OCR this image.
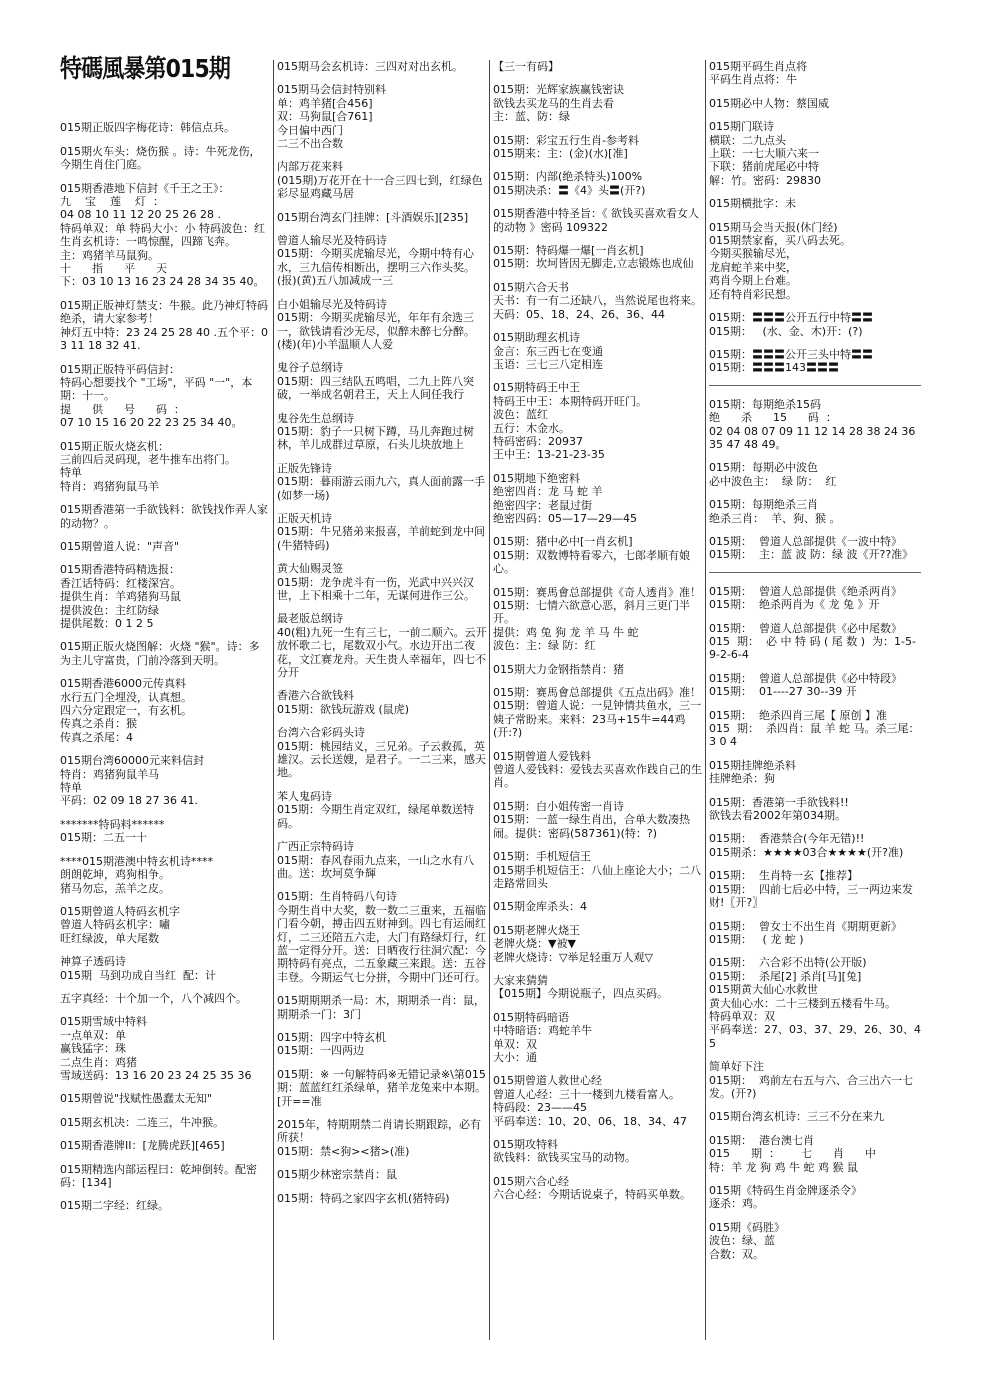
特碼風暴第015期
015期正版四字梅花诗：韩信点兵。
015期火车头：烧伤猴 。诗：牛死龙伤，
今期生肖住门庭。
015期香港地下信封《千王之王》：
九    宝    莲    灯  ：
04 08 10 11 12 20 25 26 28 .
特码单双：单 特码大小：小 特码波色：红
生肖玄机诗：一鸣惊醒，四蹄飞奔。
主：鸡猪羊马鼠狗。
十      指      平      天
下：03 10 13 16 23 24 28 34 35 40。
015期正版神灯禁支：牛猴。此乃神灯特码绝杀，请大家参考！
神灯五中特：23 24 25 28 40 .五个平：03 11 18 32 41.
015期正版特平码信封：
特码心想要找个 "工场"，平码 "一"，本期：十一。
提      供      号      码  ：
07 10 15 16 20 22 23 25 34 40。
015期正版火烧玄机：
三前四后灵码现，老牛推车出将门。
特单
特肖：鸡猪狗鼠马羊
015期香港第一手欲钱料：欲钱找作弄人家的动物？。
015期曾道人说："声音"
015期香港特码精选报：
香江话特码：红楼深宫。
提供生肖：羊鸡猪狗马鼠
提供波色：主红防绿
提供尾数：0 1 2 5
015期正版火烧图解：火烧 "猴"。诗：多为主儿守富贵，门前冷落到天明。
015期香港6000元传真料
水行五门全埋没，认真想。
四六分定跟定一，有玄机。
传真之杀肖：猴
传真之杀尾：4
015期台湾60000元来料信封
特肖：鸡猪狗鼠羊马
特单
平码：02 09 18 27 36 41.
*******特码料******
015期：二五一十
****015期港澳中特玄机诗****
朗朗乾坤，鸡狗相争。
猪马勿忘，羔羊之皮。
015期曾道人特码玄机字
曾道人特码玄机字：嘯
旺红绿波，单大尾数
神算子透码诗
015期  马到功成自当红  配：计
五字真经：十个加一个，八个减四个。
015期雪域中特料
一点单双：单
赢钱猛字：珠
二点生肖：鸡猪
雪域送码：13 16 20 23 24 25 35 36
015期曾说"找赋性愚蠢太无知"
015期玄机决：二连三，牛冲猴。
015期香港牌II：[龙腾虎跃][465]
015期精选内部运程曰：乾坤倒转。配密码：[134]
015期二字经：红绿。
015期马会玄机诗：三四对对出玄机。
015期马会信封特别料
单：鸡羊猪[合456]
双：马狗鼠[合761]
今日偏中西门
二三不出合数
内部万花来料
(015期)万花开在十一合三四七到，红绿色彩尽显鸡藏马居
015期台湾玄门挂牌：[斗酒娱乐][235]
曾道人输尽光及特码诗
015期：今期买虎输尽光，今期中特有心水，三九信传相断出，摆明三六作头奖。(报)(黄)五八加减成一三
白小姐输尽光及特码诗
015期：今期买虎输尽光，年年有余选三一，欲钱请看沙无尽，似醉未醉七分醉。(楼)(年)小羊温顺人人爱
鬼谷子总纲诗
015期：四三结队五鸣唱，二九上阵八突破，一举成名朝君王，天上人间任我行
鬼谷先生总纲诗
015期：豹子一只树下蹲，马儿奔跑过树林，羊儿成群过草原，石头儿块放地上
正版先锋诗
015期：暮雨游云雨九六，真人面前露一手(如梦一场)
正版天机诗
015期：牛兄猪弟来报喜，羊前蛇到龙中间(牛猪特码)
黄大仙赐灵签
015期：龙争虎斗有一伤，光武中兴兴汉世，上下相乘十二年，无谋何进作三公。
最老版总纲诗
40(粗)九死一生有三七，一前二顺六。云开放怀歌二七，尾数双小气。水边开出二夜花，文江赛龙舟。天生贵人幸福年，四七不分开
香港六合欲钱料
015期：欲钱玩游戏 (鼠虎)
台湾六合彩码头诗
015期：桃园结义，三兄弟。子云救孤，英雄汉。云长送嫂，是君子。一二三来，感天地。
苯人鬼码诗
015期：今期生肖定双红，绿尾单数送特码。
广西正宗特码诗
015期：春风春雨九点来，一山之水有八曲。送：坎坷莫争輝
015期：生肖特码八句诗
今期生肖中大奖，数一数二三重来，五福临门看今朝，搏击四五财神到。四七有运闹红灯，二三还陪五六走，大门有路绿灯行，红蓝一定得分开。送：日晒夜行往洞穴配：今期特码有亮点，二五象藏三来跟。送：五谷丰登。今期运气七分拼，今期中门还可行。
015期期期杀一局：木，期期杀一肖：鼠，期期杀一门：3门
015期：四字中特玄机
015期：一四两边
015期：※ 一句解特码※无错记录※\第015期：蓝蓝红红杀绿单，猪羊龙兔来中本期。[开==准
2015年，特期期禁二肖请长期跟踪，必有所获！
015期：禁<狗><猪>(准)
015期少林密宗禁肖：鼠
015期：特码之家四字玄机(猪特码)
【三一有码】
015期：光辉家族赢钱密诀
欲钱去买龙马的生肖去看
主：蓝、防：绿
015期：彩宝五行生肖-参考料
015期来：主：(金)(水)[准]
015期：内部(绝杀特头)100%
015期决杀：〓《4》头〓(开?)
015期香港中特圣旨：《 欲钱买喜欢看女人的动物 》密码 109322
015期：特码爆一爆[一肖玄机]
015期：坎坷皆因无脚走,立志锻炼也成仙
015期六合天书
天书：有一有二还缺八，当然说尾也将来。
天码：05、18、24、26、36、44
015期助理玄机诗
金言：东三西七在变通
玉语：三七三八定相连
015期特码王中王
特码王中王：本期特码开旺门。
波色：蓝红
五行：木金水。
特码密码：20937
王中王：13-21-23-35
015期地下绝密料
绝密四肖：龙 马 蛇 羊
绝密四字：老鼠过街
绝密四码：05—17—29—45
015期：猪中必中[一肖玄机]
015期：双数博特看零六，七郎孝顺有娘心。
015期：赛馬會总部提供《奇人透肖》准！
015期：七情六欲意心恶，斜月三更门半开。
提供：鸡 兔 狗 龙 羊 马 牛 蛇
波色：主：绿 防：红
015期大力金钢指禁肖：猪
015期：赛馬會总部提供《五点出码》准！
015期：曾道人说：一見钟情共鱼水，三一姨子常盼来。来料：23马+15牛=44鸡(开:?)
015期曾道人爱钱料
曾道人爱钱料：爱钱去买喜欢作践自己的生肖。
015期：白小姐传密一肖诗
015期：一蓝一绿生肖出，合单大数凑热闹。提供：密码(587361)(特：?)
015期：手机短信王
015期手机短信王：八仙上座论大小；二八走路常回头
015期金库杀头：4
015期老牌火烧王
老牌火烧：▼被▼
老牌火烧诗：▽举足轻重万人观▽
大家来猜猜
【015期】今期说瓶子，四点买码。
015期特码暗语
中特暗语：鸡蛇羊牛
单双：双
大小：通
015期曾道人救世心经
曾道人心经：三十一楼到九楼看富人。
特码段：23——45
平码奉送：10、20、06、18、34、47
015期攻特料
欲钱料：欲钱买宝马的动物。
015期六合心经
六合心经：今期话说桌子，特码买单数。
015期平码生肖点将
平码生肖点将：牛
015期必中人物：蔡国威
015期门联诗
横联：二九点头
上联：一七大顺六来一
下联：猪前虎尾必中特
解：竹。密码：29830
015期横批字：未
015期马会当天报(休门经)
015期禁家畜，买八码去死。
今期买猴输尽光，
龙肩蛇羊来中奖，
鸡肖今期上台难。
还有特肖彩民想。
015期：〓〓〓公开五行中特〓〓
015期：   (水、金、木)开：(?)
015期：〓〓〓公开三头中特〓〓
015期：〓〓〓143〓〓〓
015期：每期绝杀15码
绝      杀      15      码  ：
02 04 08 07 09 11 12 14 28 38 24 36 35 47 48 49。
015期：每期必中波色
必中波色主：  绿 防：  红
015期：每期绝杀三肖
绝杀三肖：  羊、狗、猴 。
015期：  曾道人总部提供《一波中特》
015期：  主：蓝 波 防：绿 波《开??准》
015期：  曾道人总部提供《绝杀两肖》
015期：  绝杀两肖为《 龙 兔 》开
015期：  曾道人总部提供《必中尾数》
015  期：  必 中 特 码 ( 尾 数 )  为：1-5-9-2-6-4
015期：  曾道人总部提供《必中特段》
015期：  01----27 30--39 开
015期：  绝杀四肖三尾【 原创 】准
015  期：  杀四肖：鼠 羊 蛇 马。杀三尾：3 0 4
015期挂牌绝杀料
挂牌绝杀：狗
015期：香港第一手欲钱料!!
欲钱去看2002年第034期。
015期：  香港禁合(今年无错)!!
015期杀：★★★★03合★★★★(开?准)
015期：  生肖特一玄【推荐】
015期：  四前七后必中特，三一两边来发财!〖开?〗
015期：  曾女士不出生肖《期期更新》
015期：   ( 龙 蛇 )
015期：  六合彩不出特(公开版)
015期：  杀尾[2] 杀肖[马][兔]
015期黄大仙心水救世
黄大仙心水：二十三楼到五楼看牛马。
特码单双：双
平码奉送：27、03、37、29、26、30、45
简单好下注
015期：  鸡前左右五与六、合三出六一七发。(开?)
015期台湾玄机诗：三三不分在来九
015期：  港台澳七肖
015      期  ：      七      肖      中
特：羊 龙 狗 鸡 牛 蛇 鸡 猴 鼠
015期《特码生肖金牌逐杀令》
逐杀：鸡。
015期《码胜》
波色：绿、蓝
合数：双。
